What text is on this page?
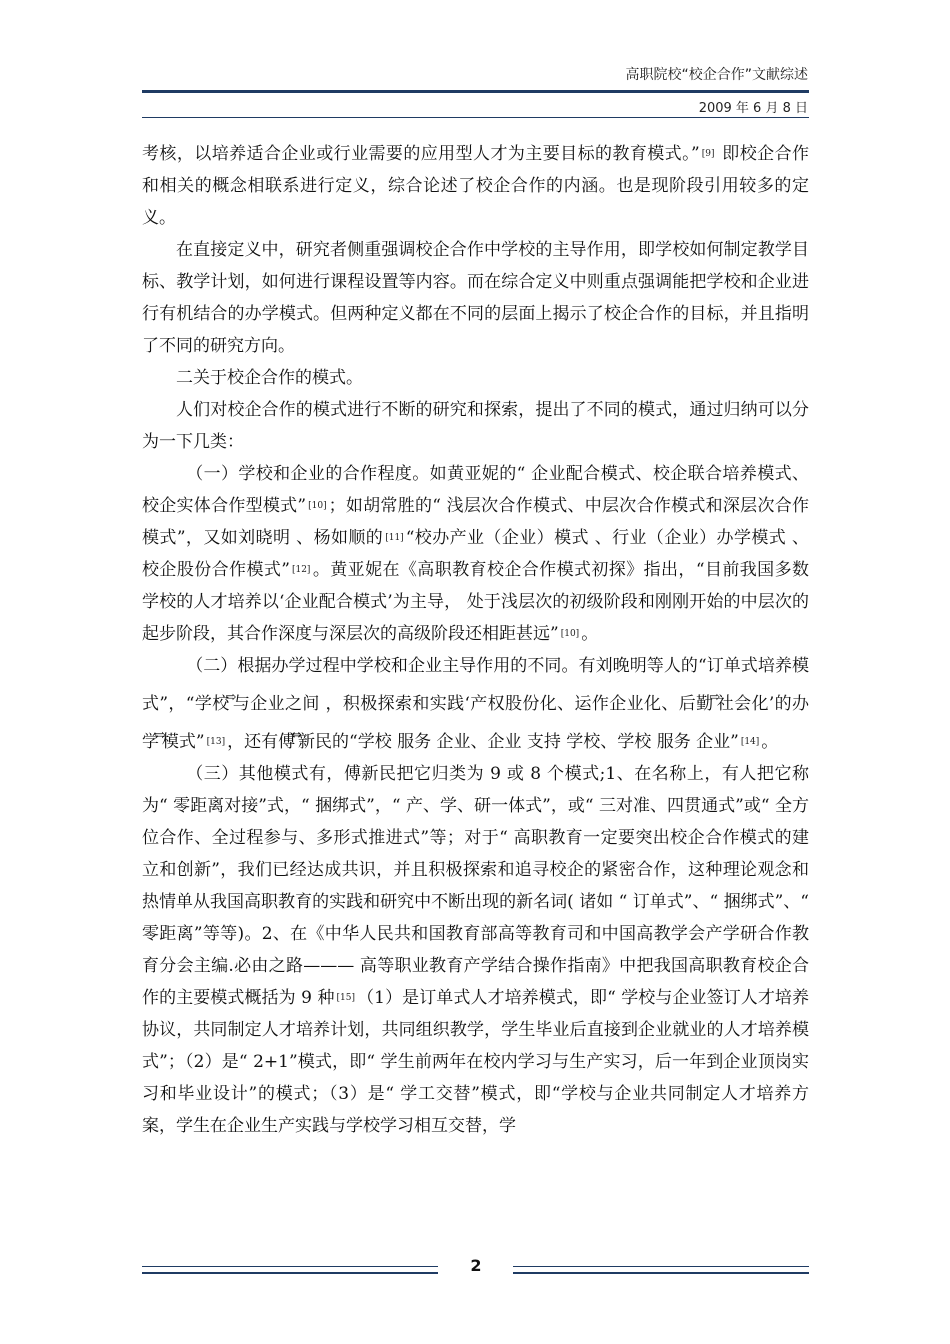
高职院校“校企合作”文献综述
2009 年 6 月 8 日

考核，以培养适合企业或行业需要的应用型人才为主要目标的教育模式。” [9] 即校企合作和相关的概念相联系进行定义，综合论述了校企合作的内涵。也是现阶段引用较多的定义。

在直接定义中，研究者侧重强调校企合作中学校的主导作用，即学校如何制定教学目标、教学计划，如何进行课程设置等内容。而在综合定义中则重点强调能把学校和企业进行有机结合的办学模式。但两种定义都在不同的层面上揭示了校企合作的目标，并且指明了不同的研究方向。

二关于校企合作的模式。

人们对校企合作的模式进行不断的研究和探索，提出了不同的模式，通过归纳可以分为一下几类：

（一）学校和企业的合作程度。如黄亚妮的“ 企业配合模式、校企联合培养模式、校企实体合作型模式” [10] ；如胡常胜的“ 浅层次合作模式、中层次合作模式和深层次合作模式”，又如刘晓明 、杨如顺的 [11] “校办产业（企业）模式 、行业（企业）办学模式 、校企股份合作模式” [12] 。黄亚妮在《高职教育校企合作模式初探》指出，“目前我国多数学校的人才培养以‘企业配合模式’为主导， 处于浅层次的初级阶段和刚刚开始的中层次的起步阶段，其合作深度与深层次的高级阶段还相距甚远” [10] 。

（二）根据办学过程中学校和企业主导作用的不同。有刘晚明等人的“订单式培养模式”，“学校⇨与企业之间 ，积极探索和实践‘产权股份化、运作企业化、后勤⇨社会化’的办学⇨模式” [13] ，还有傅⇔新民的“学校 服务 企业、企业 支持 学校、学校 服务 企业” [14] 。

（三）其他模式有，傅新民把它归类为 9 或 8 个模式;1、在名称上，有人把它称为“ 零距离对接”式，“ 捆绑式”，“ 产、学、研一体式”，或“ 三对准、四贯通式”或“ 全方位合作、全过程参与、多形式推进式”等；对于“ 高职教育一定要突出校企合作模式的建立和创新”，我们已经达成共识，并且积极探索和追寻校企的紧密合作，这种理论观念和热情单从我国高职教育的实践和研究中不断出现的新名词( 诸如 “ 订单式”、“ 捆绑式”、“ 零距离”等等)。2、在《中华人民共和国教育部高等教育司和中国高教学会产学研合作教育分会主编.必由之路——— 高等职业教育产学结合操作指南》中把我国高职教育校企合作的主要模式概括为 9 种 [15] （1）是订单式人才培养模式，即“ 学校与企业签订人才培养协议，共同制定人才培养计划，共同组织教学，学生毕业后直接到企业就业的人才培养模式”；（2）是“ 2+1”模式，即“ 学生前两年在校内学习与生产实习，后一年到企业顶岗实习和毕业设计”的模式；（3）是“ 学工交替”模式，即“学校与企业共同制定人才培养方案，学生在企业生产实践与学校学习相互交替，学

2
